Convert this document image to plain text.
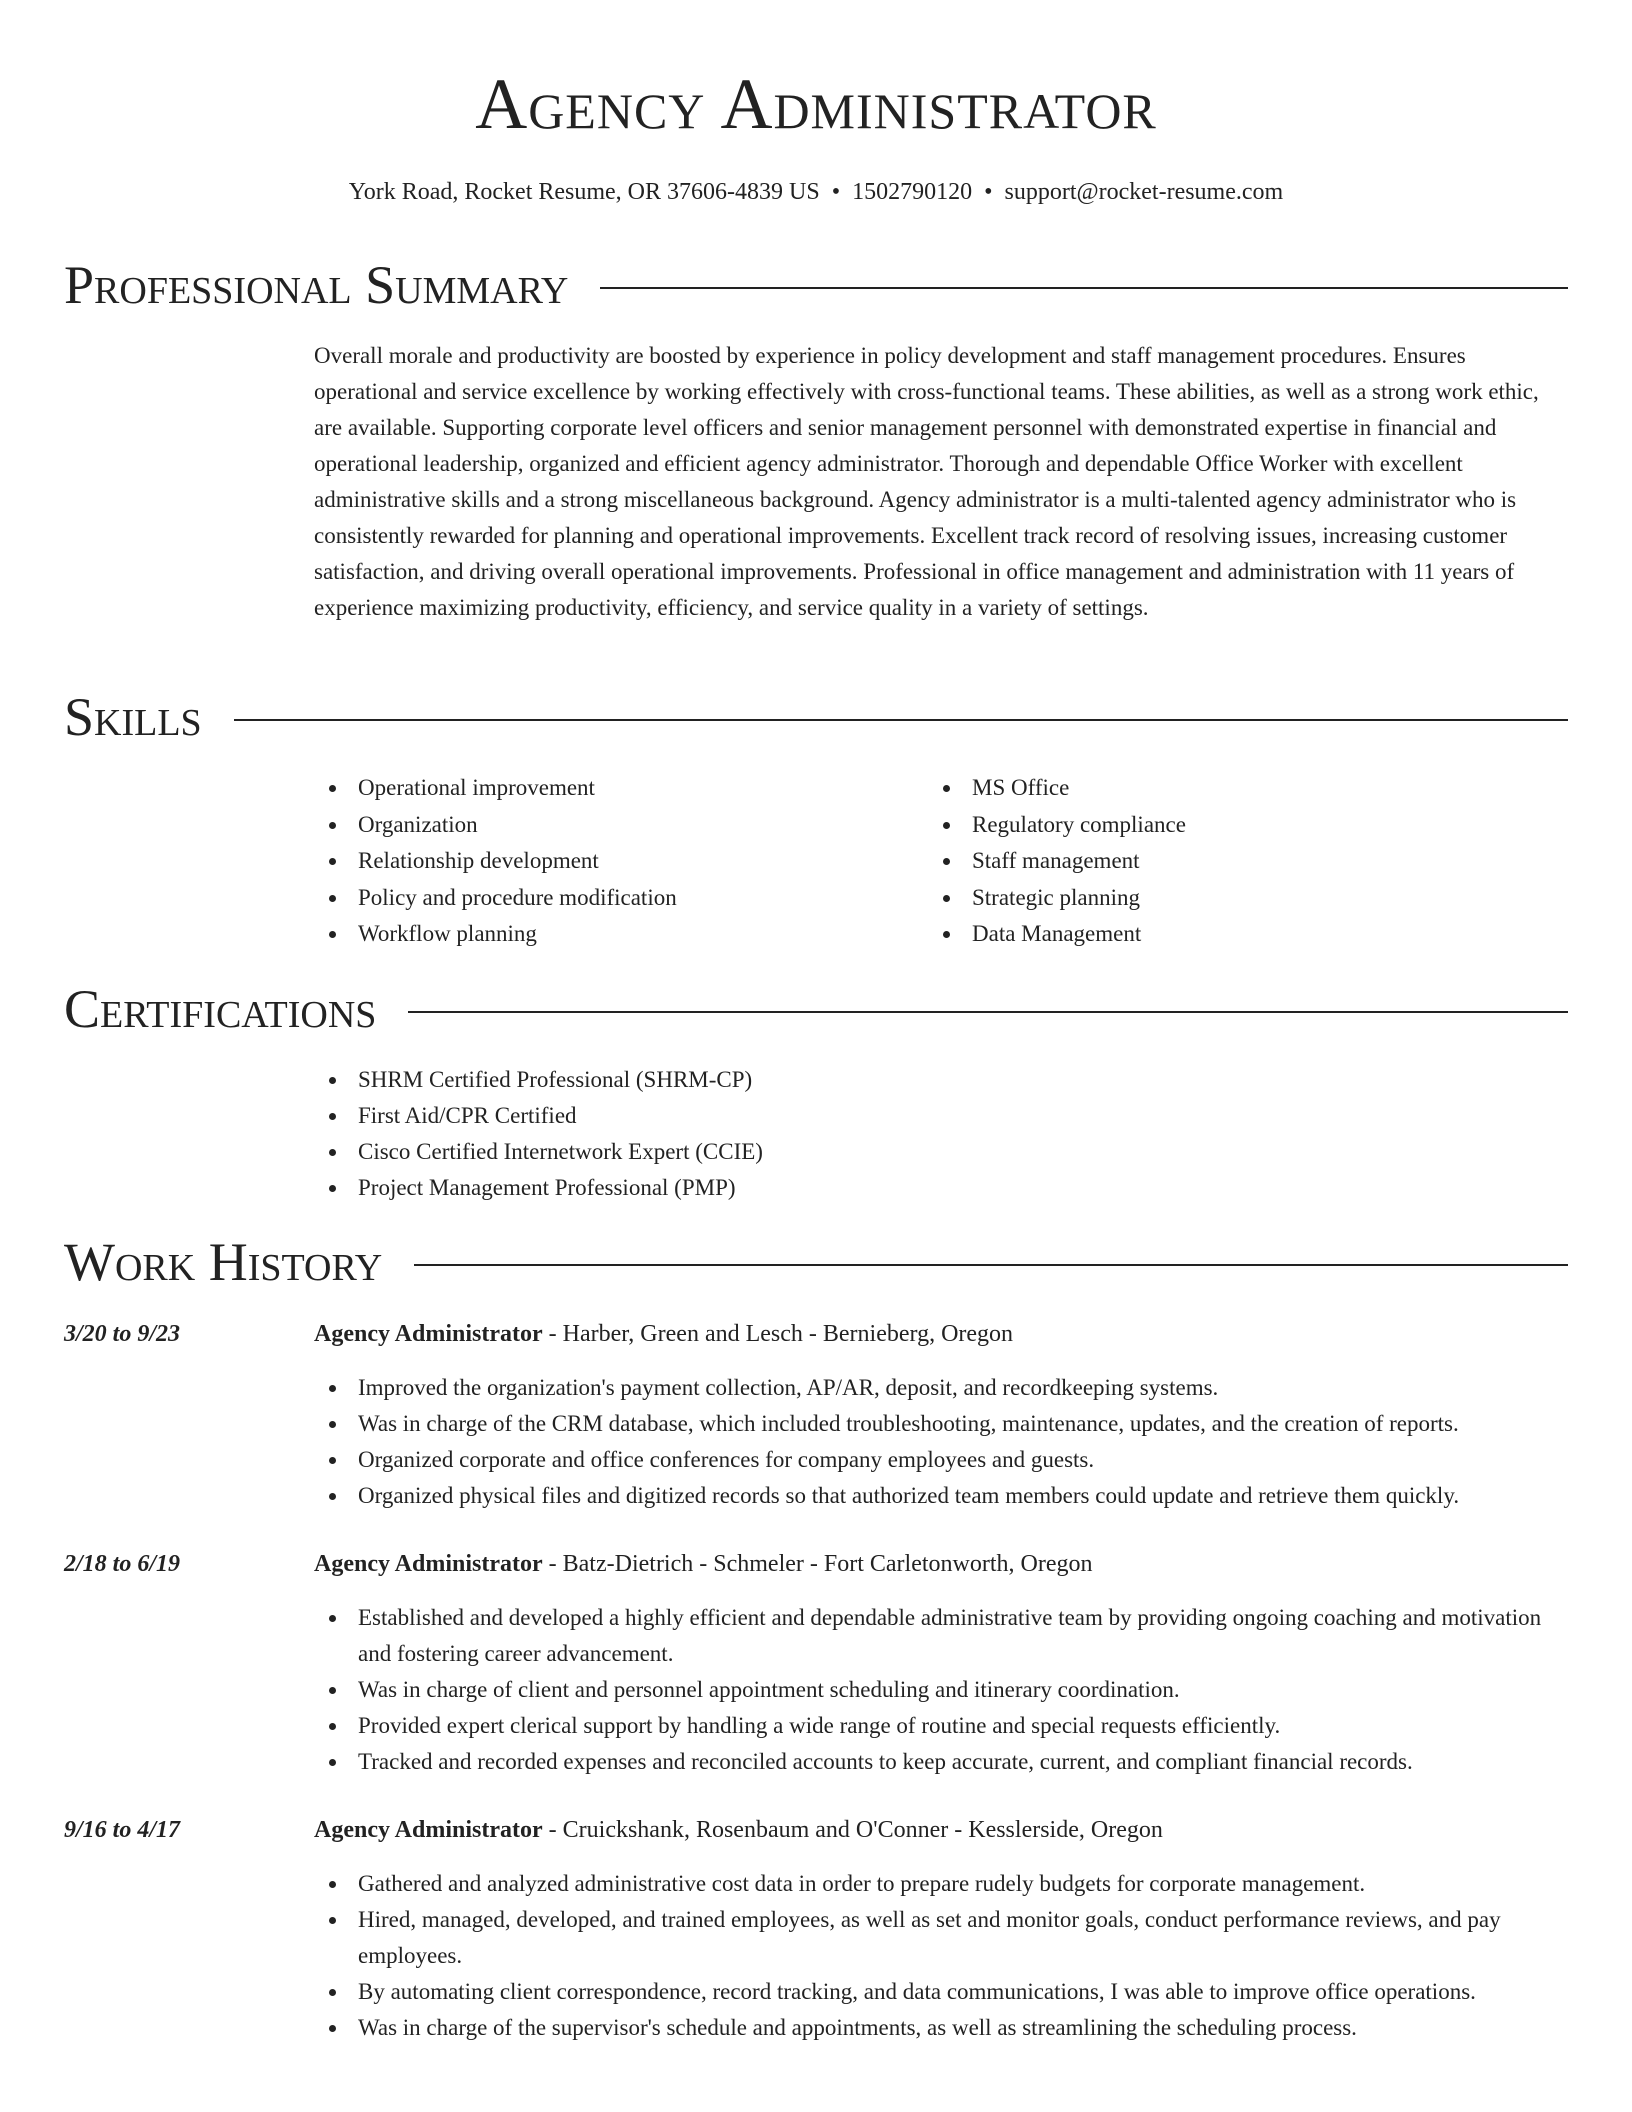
Agency Administrator
York Road, Rocket Resume, OR 37606-4839 US • 1502790120 • support@rocket-resume.com
Professional Summary

Overall morale and productivity are boosted by experience in policy development and staff management procedures. Ensures operational and service excellence by working effectively with cross-functional teams. These abilities, as well as a strong work ethic, are available. Supporting corporate level officers and senior management personnel with demonstrated expertise in financial and operational leadership, organized and efficient agency administrator. Thorough and dependable Office Worker with excellent administrative skills and a strong miscellaneous background. Agency administrator is a multi-talented agency administrator who is consistently rewarded for planning and operational improvements. Excellent track record of resolving issues, increasing customer satisfaction, and driving overall operational improvements. Professional in office management and administration with 11 years of experience maximizing productivity, efficiency, and service quality in a variety of settings.

Skills
Operational improvement
Organization
Relationship development
Policy and procedure modification
Workflow planning
MS Office
Regulatory compliance
Staff management
Strategic planning
Data Management
Certifications
SHRM Certified Professional (SHRM-CP)
First Aid/CPR Certified
Cisco Certified Internetwork Expert (CCIE)
Project Management Professional (PMP)
Work History
3/20 to 9/23	Agency Administrator - Harber, Green and Lesch - Bernieberg, Oregon
Improved the organization's payment collection, AP/AR, deposit, and recordkeeping systems.
Was in charge of the CRM database, which included troubleshooting, maintenance, updates, and the creation of reports.
Organized corporate and office conferences for company employees and guests.
Organized physical files and digitized records so that authorized team members could update and retrieve them quickly.
2/18 to 6/19	Agency Administrator - Batz-Dietrich - Schmeler - Fort Carletonworth, Oregon
Established and developed a highly efficient and dependable administrative team by providing ongoing coaching and motivation and fostering career advancement.
Was in charge of client and personnel appointment scheduling and itinerary coordination.
Provided expert clerical support by handling a wide range of routine and special requests efficiently.
Tracked and recorded expenses and reconciled accounts to keep accurate, current, and compliant financial records.
9/16 to 4/17	Agency Administrator - Cruickshank, Rosenbaum and O'Conner - Kesslerside, Oregon
Gathered and analyzed administrative cost data in order to prepare rudely budgets for corporate management.
Hired, managed, developed, and trained employees, as well as set and monitor goals, conduct performance reviews, and pay employees.
By automating client correspondence, record tracking, and data communications, I was able to improve office operations.
Was in charge of the supervisor's schedule and appointments, as well as streamlining the scheduling process.
